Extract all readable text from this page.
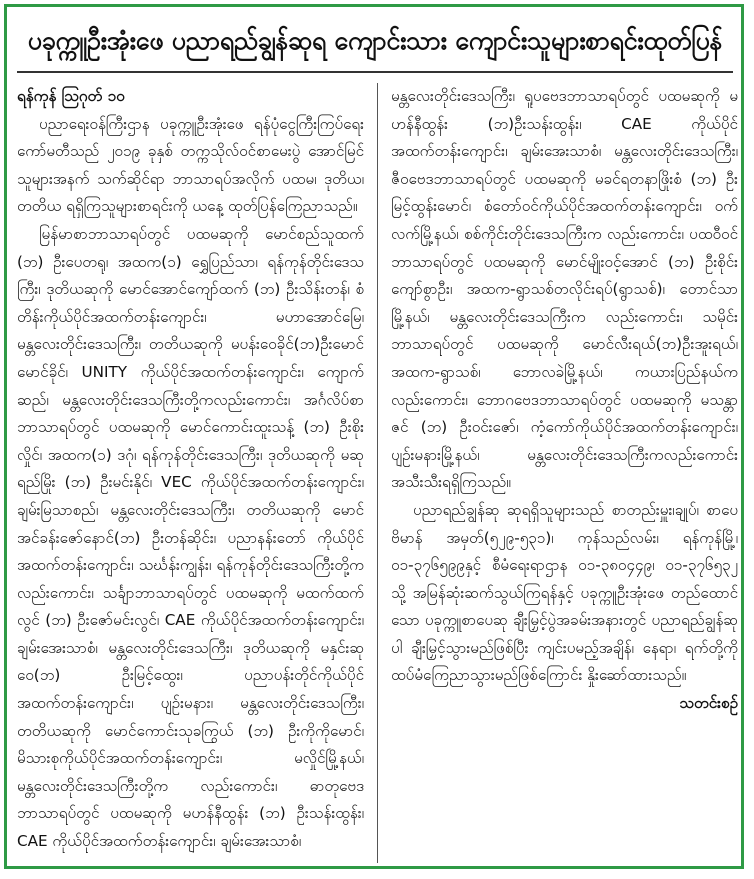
ပခုက္ကူဦးအုံးဖေ ပညာရည်ချွန်ဆုရ ကျောင်းသား ကျောင်းသူများစာရင်းထုတ်ပြန်

ရန်ကုန် ဩဂုတ် ၁၀

ပညာရေးဝန်ကြီးဌာန ပခုက္ကူဦးအုံးဖေ ရန်ပုံငွေကြီးကြပ်ရေးကော်မတီသည် ၂၀၁၉ ခုနှစ် တက္ကသိုလ်ဝင်စာမေးပွဲ အောင်မြင်သူများအနက် သက်ဆိုင်ရာ ဘာသာရပ်အလိုက် ပထမ၊ ဒုတိယ၊ တတိယ ရရှိကြသူများစာရင်းကို ယနေ့ ထုတ်ပြန်ကြေညာသည်။

မြန်မာစာဘာသာရပ်တွင် ပထမဆုကို မောင်စည်သူထက် (ဘ) ဦးပေတရု၊ အထက(၁) ရွှေပြည်သာ၊ ရန်ကုန်တိုင်းဒေသကြီး၊ ဒုတိယဆုကို မောင်အောင်ကျော်ထက် (ဘ) ဦးသိန်းတန်၊ စံတိန်းကိုယ်ပိုင်အထက်တန်းကျောင်း၊ မဟာအောင်မြေ၊ မန္တလေးတိုင်းဒေသကြီး၊ တတိယဆုကို မပန်းဝေခိုင်(ဘ)ဦးမောင်မောင်ခိုင်၊ UNITY ကိုယ်ပိုင်အထက်တန်းကျောင်း၊ ကျောက်ဆည်၊ မန္တလေးတိုင်းဒေသကြီးတို့ကလည်းကောင်း၊ အင်္ဂလိပ်စာဘာသာရပ်တွင် ပထမဆုကို မောင်ကောင်းထူးသန့် (ဘ) ဦးစိုးလှိုင်၊ အထက(၁) ဒဂုံ၊ ရန်ကုန်တိုင်းဒေသကြီး၊ ဒုတိယဆုကို မဆုရည်မြိုး (ဘ) ဦးမင်းနိုင်၊ VEC ကိုယ်ပိုင်အထက်တန်းကျောင်း၊ ချမ်းမြသာစည်၊ မန္တလေးတိုင်းဒေသကြီး၊ တတိယဆုကို မောင်အင်ခန်းဇော်နောင်(ဘ) ဦးတန်ဆိုင်း၊ ပညာနန်းတော် ကိုယ်ပိုင်အထက်တန်းကျောင်း၊ သင်္ဃန်းကျွန်း၊ ရန်ကုန်တိုင်းဒေသကြီးတို့ကလည်းကောင်း၊ သင်္ချာဘာသာရပ်တွင် ပထမဆုကို မထက်ထက်လွင် (ဘ) ဦးဇော်မင်းလွင်၊ CAE ကိုယ်ပိုင်အထက်တန်းကျောင်း၊ ချမ်းအေးသာစံ၊ မန္တလေးတိုင်းဒေသကြီး၊ ဒုတိယဆုကို မနှင်းဆုဝေ(ဘ) ဦးမြင့်ထွေး၊ ပညာပန်းတိုင်ကိုယ်ပိုင်အထက်တန်းကျောင်း၊ ပျဉ်းမနား၊ မန္တလေးတိုင်းဒေသကြီး၊ တတိယဆုကို မောင်ကောင်းသုခကြွယ် (ဘ) ဦးကိုကိုမောင်၊ မိသားစုကိုယ်ပိုင်အထက်တန်းကျောင်း၊ မလှိုင်မြို့နယ်၊ မန္တလေးတိုင်းဒေသကြီးတို့က လည်းကောင်း၊ ဓာတုဗေဒဘာသာရပ်တွင် ပထမဆုကို မဟန်နီထွန်း (ဘ) ဦးသန်းထွန်း၊ CAE ကိုယ်ပိုင်အထက်တန်းကျောင်း၊ ချမ်းအေးသာစံ၊

မန္တလေးတိုင်းဒေသကြီး၊ ရူပဗေဒဘာသာရပ်တွင် ပထမဆုကို မဟန်နီထွန်း (ဘ)ဦးသန်းထွန်း၊ CAE ကိုယ်ပိုင်အထက်တန်းကျောင်း၊ ချမ်းအေးသာစံ၊ မန္တလေးတိုင်းဒေသကြီး၊ ဇီဝဗေဒဘာသာရပ်တွင် ပထမဆုကို မခင်ရတနာဖြိုးစံ (ဘ) ဦးမြင့်ထွန်းမောင်၊ စံတော်ဝင်ကိုယ်ပိုင်အထက်တန်းကျောင်း၊ ဝက်လက်မြို့နယ်၊ စစ်ကိုင်းတိုင်းဒေသကြီးက လည်းကောင်း၊ ပထဝီဝင်ဘာသာရပ်တွင် ပထမဆုကို မောင်မျိုးဝင့်အောင် (ဘ) ဦးစိုင်းကျော်စွာဦး၊ အထက-ရွာသစ်တလိုင်းရပ်(ရွာသစ်)၊ တောင်သာမြို့နယ်၊ မန္တလေးတိုင်းဒေသကြီးက လည်းကောင်း၊ သမိုင်းဘာသာရပ်တွင် ပထမဆုကို မောင်လီးရယ်(ဘ)ဦးအူးရယ်၊ အထက-ရွာသစ်၊ ဘောလခဲမြို့နယ်၊ ကယားပြည်နယ်က လည်းကောင်း၊ ဘောဂဗေဒဘာသာရပ်တွင် ပထမဆုကို မသန္တာဇင် (ဘ) ဦးဝင်းဇော်၊ ကံ့ကော်ကိုယ်ပိုင်အထက်တန်းကျောင်း၊ ပျဉ်းမနားမြို့နယ်၊ မန္တလေးတိုင်းဒေသကြီးကလည်းကောင်း အသီးသီးရရှိကြသည်။

ပညာရည်ချွန်ဆု ဆုရရှိသူများသည် စာတည်းမှူး၊ချုပ်၊ စာပေဗိမာန် အမှတ်(၅၂၉-၅၃၁)၊ ကုန်သည်လမ်း၊ ရန်ကုန်မြို့၊ ၀၁-၃၇၆၅၉၉နှင့် စီမံရေးရာဌာန ၀၁-၃၈၀၄၄၉၊ ၀၁-၃၇၆၅၃၂ သို့ အမြန်ဆုံးဆက်သွယ်ကြရန်နှင့် ပခုက္ကူဦးအုံးဖေ တည်ထောင်သော ပခုက္ကူစာပေဆု ချီးမြှင့်ပွဲအခမ်းအနားတွင် ပညာရည်ချွန်ဆုပါ ချီးမြှင့်သွားမည်ဖြစ်ပြီး ကျင်းပမည့်အချိန်၊ နေရာ၊ ရက်တို့ကို ထပ်မံကြေညာသွားမည်ဖြစ်ကြောင်း နှိုးဆော်ထားသည်။
သတင်းစဉ်
